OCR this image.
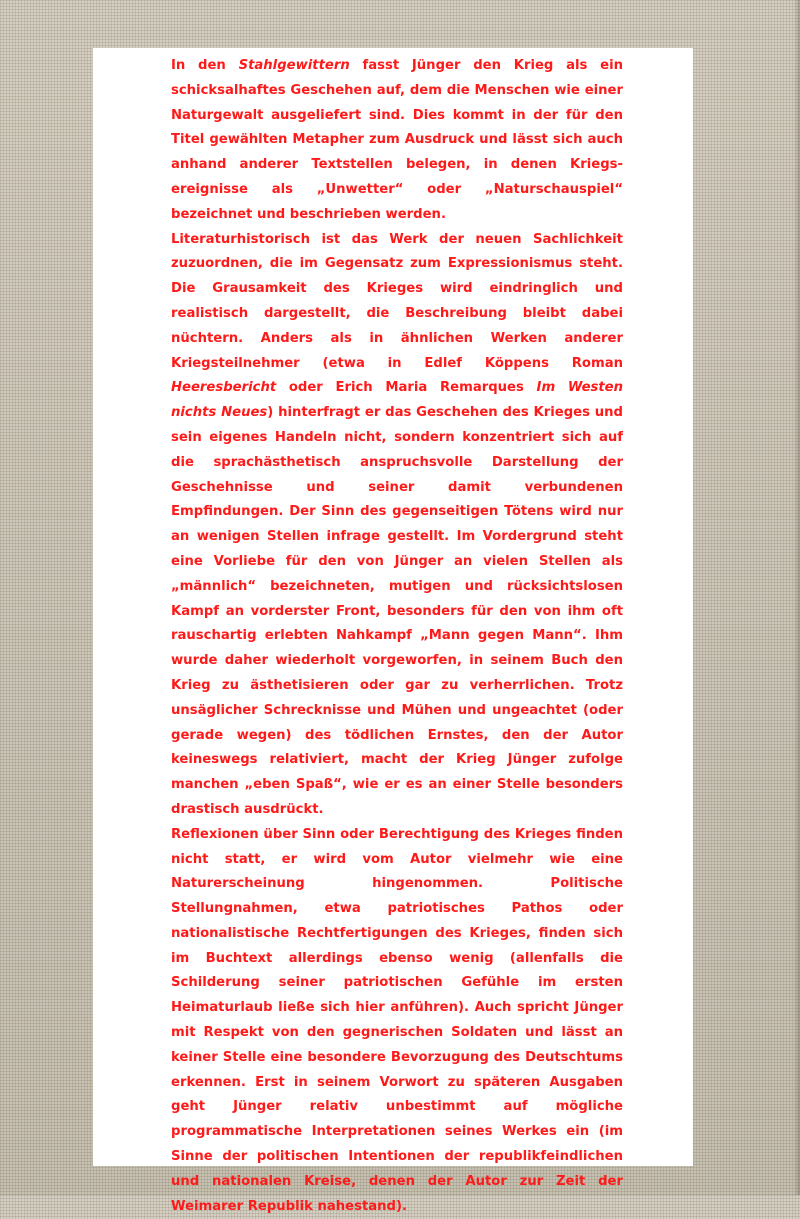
In den Stahlgewittern fasst Jünger den Krieg als ein schicksalhaftes Geschehen auf, dem die Menschen wie einer Naturgewalt ausgeliefert sind. Dies kommt in der für den Titel gewählten Metapher zum Ausdruck und lässt sich auch anhand anderer Textstellen belegen, in denen Kriegsereignisse als „Unwetter“ oder „Naturschauspiel“ bezeichnet und beschrieben werden.

Literaturhistorisch ist das Werk der neuen Sachlichkeit zuzuordnen, die im Gegensatz zum Expressionismus steht. Die Grausamkeit des Krieges wird eindringlich und realistisch dargestellt, die Beschreibung bleibt dabei nüchtern. Anders als in ähnlichen Werken anderer Kriegsteilnehmer (etwa in Edlef Köppens Roman Heeresbericht oder Erich Maria Remarques Im Westen nichts Neues) hinterfragt er das Geschehen des Krieges und sein eigenes Handeln nicht, sondern konzentriert sich auf die sprachästhetisch anspruchsvolle Darstellung der Geschehnisse und seiner damit verbundenen Empfindungen. Der Sinn des gegenseitigen Tötens wird nur an wenigen Stellen infrage gestellt. Im Vordergrund steht eine Vorliebe für den von Jünger an vielen Stellen als „männlich“ bezeichneten, mutigen und rücksichtslosen Kampf an vorderster Front, besonders für den von ihm oft rauschartig erlebten Nahkampf „Mann gegen Mann“. Ihm wurde daher wiederholt vorgeworfen, in seinem Buch den Krieg zu ästhetisieren oder gar zu verherrlichen. Trotz unsäglicher Schrecknisse und Mühen und ungeachtet (oder gerade wegen) des tödlichen Ernstes, den der Autor keineswegs relativiert, macht der Krieg Jünger zufolge manchen „eben Spaß“, wie er es an einer Stelle besonders drastisch ausdrückt.

Reflexionen über Sinn oder Berechtigung des Krieges finden nicht statt, er wird vom Autor vielmehr wie eine Naturerscheinung hingenommen. Politische Stellungnahmen, etwa patriotisches Pathos oder nationalistische Rechtfertigungen des Krieges, finden sich im Buchtext allerdings ebenso wenig (allenfalls die Schilderung seiner patriotischen Gefühle im ersten Heimaturlaub ließe sich hier anführen). Auch spricht Jünger mit Respekt von den gegnerischen Soldaten und lässt an keiner Stelle eine besondere Bevorzugung des Deutschtums erkennen. Erst in seinem Vorwort zu späteren Ausgaben geht Jünger relativ unbestimmt auf mögliche programmatische Interpretationen seines Werkes ein (im Sinne der politischen Intentionen der republikfeindlichen und nationalen Kreise, denen der Autor zur Zeit der Weimarer Republik nahestand).
